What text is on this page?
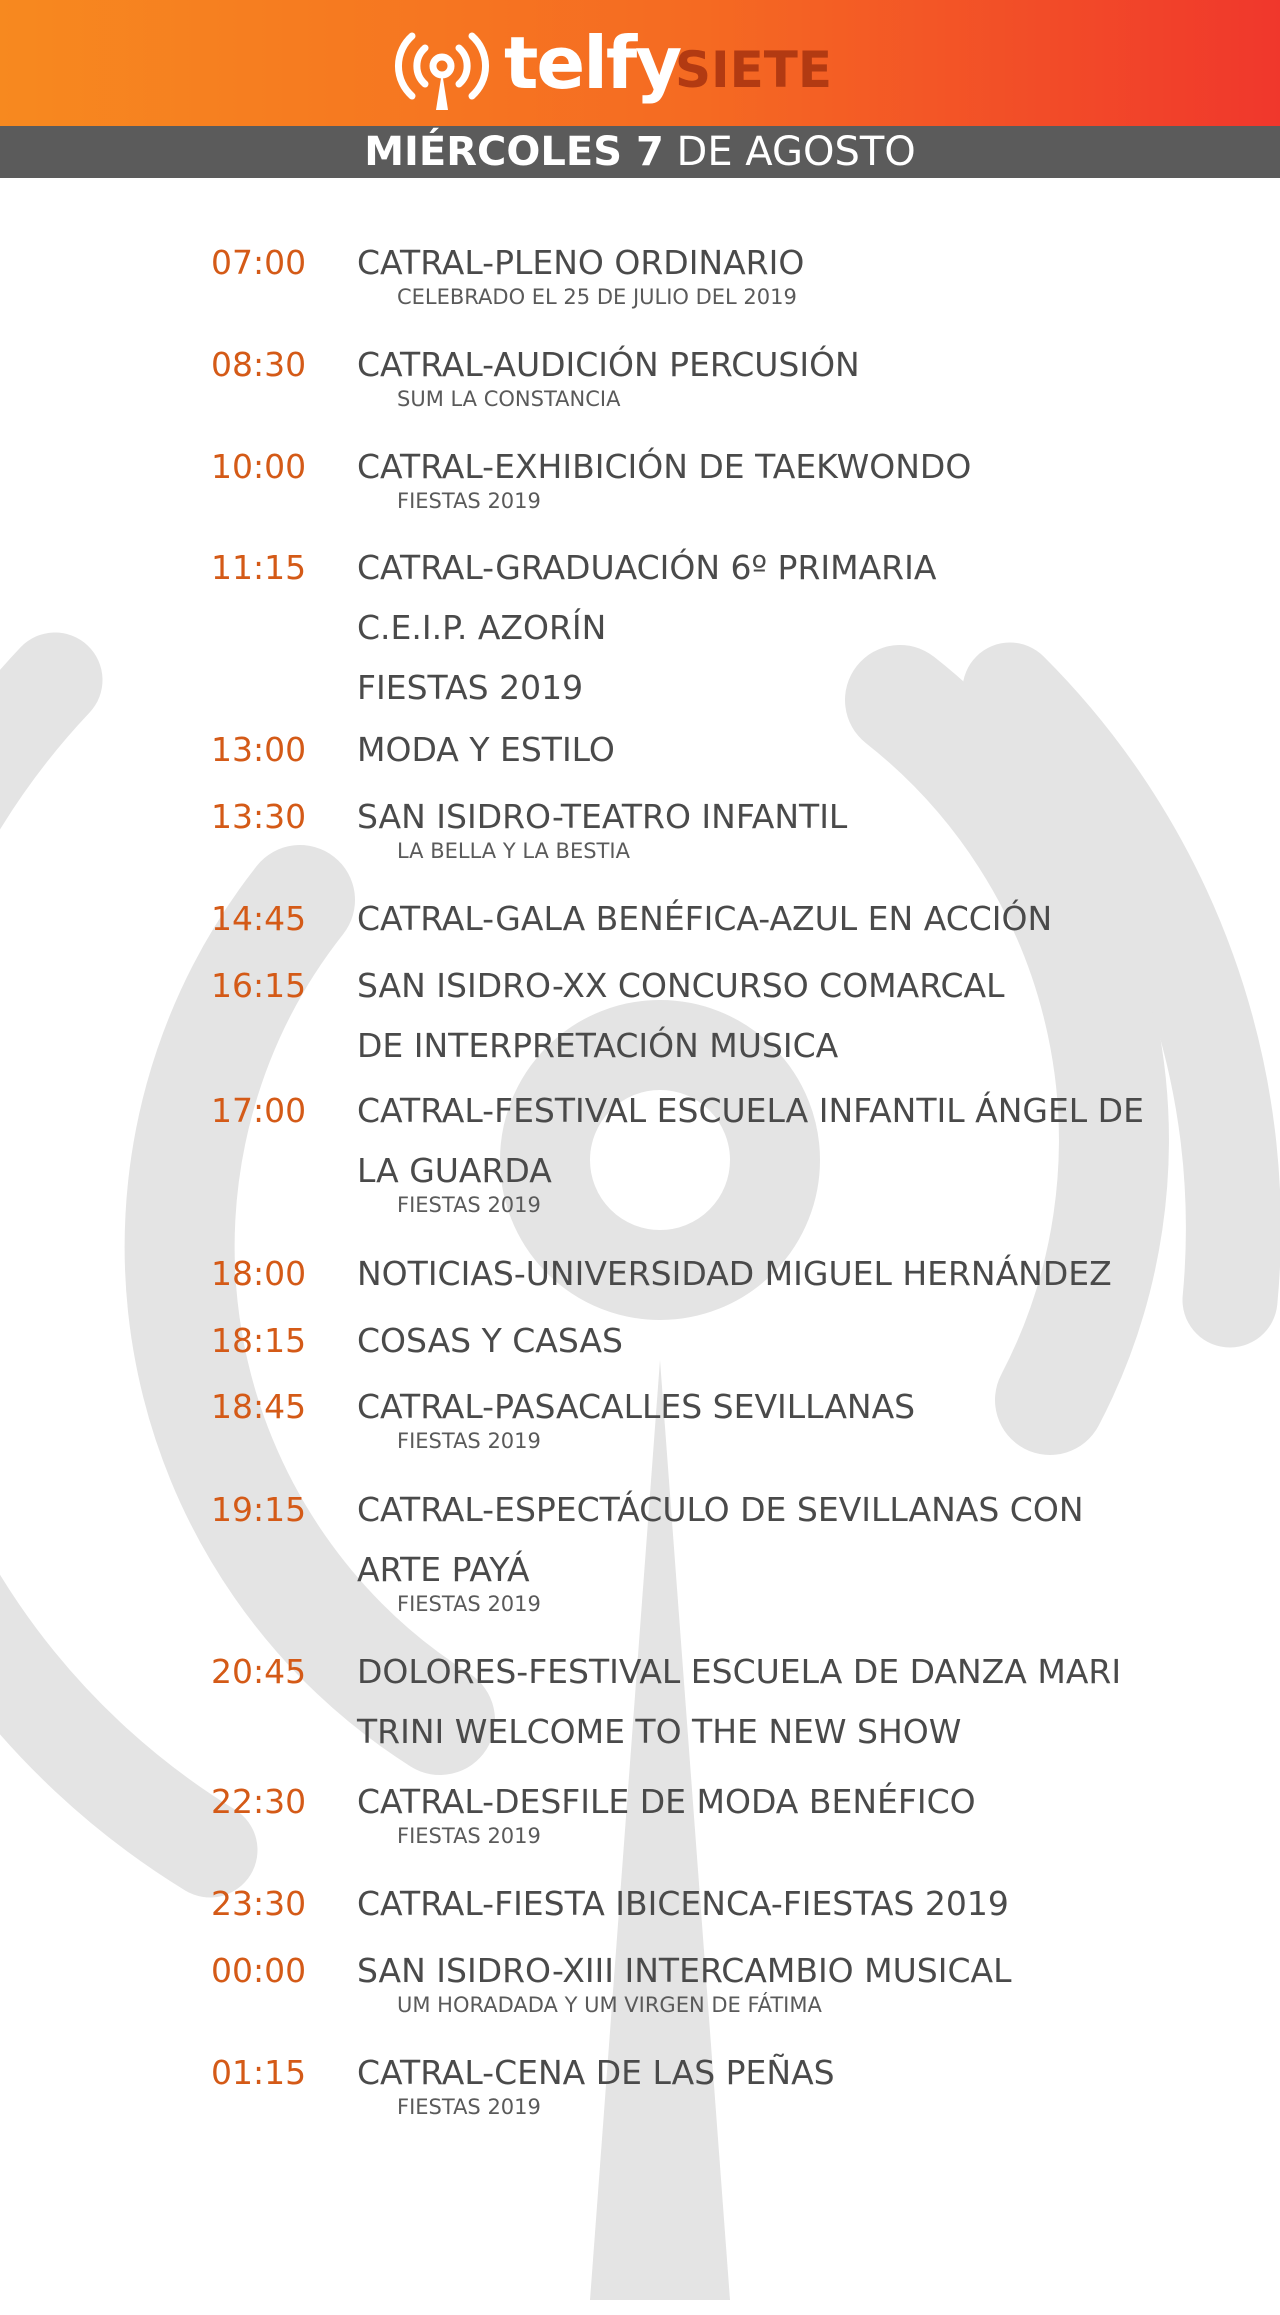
telfy
SIETE
MIÉRCOLES 7 DE AGOSTO
07:00 CATRAL-PLENO ORDINARIO
CELEBRADO EL 25 DE JULIO DEL 2019
08:30 CATRAL-AUDICIÓN PERCUSIÓN
SUM LA CONSTANCIA
10:00 CATRAL-EXHIBICIÓN DE TAEKWONDO
FIESTAS 2019
11:15 CATRAL-GRADUACIÓN 6º PRIMARIA
C.E.I.P. AZORÍN
FIESTAS 2019
13:00 MODA Y ESTILO
13:30 SAN ISIDRO-TEATRO INFANTIL
LA BELLA Y LA BESTIA
14:45 CATRAL-GALA BENÉFICA-AZUL EN ACCIÓN
16:15 SAN ISIDRO-XX CONCURSO COMARCAL
DE INTERPRETACIÓN MUSICA
17:00 CATRAL-FESTIVAL ESCUELA INFANTIL ÁNGEL DE
LA GUARDA
FIESTAS 2019
18:00 NOTICIAS-UNIVERSIDAD MIGUEL HERNÁNDEZ
18:15 COSAS Y CASAS
18:45 CATRAL-PASACALLES SEVILLANAS
FIESTAS 2019
19:15 CATRAL-ESPECTÁCULO DE SEVILLANAS CON
ARTE PAYÁ
FIESTAS 2019
20:45 DOLORES-FESTIVAL ESCUELA DE DANZA MARI
TRINI WELCOME TO THE NEW SHOW
22:30 CATRAL-DESFILE DE MODA BENÉFICO
FIESTAS 2019
23:30 CATRAL-FIESTA IBICENCA-FIESTAS 2019
00:00 SAN ISIDRO-XIII INTERCAMBIO MUSICAL
UM HORADADA Y UM VIRGEN DE FÁTIMA
01:15 CATRAL-CENA DE LAS PEÑAS
FIESTAS 2019
